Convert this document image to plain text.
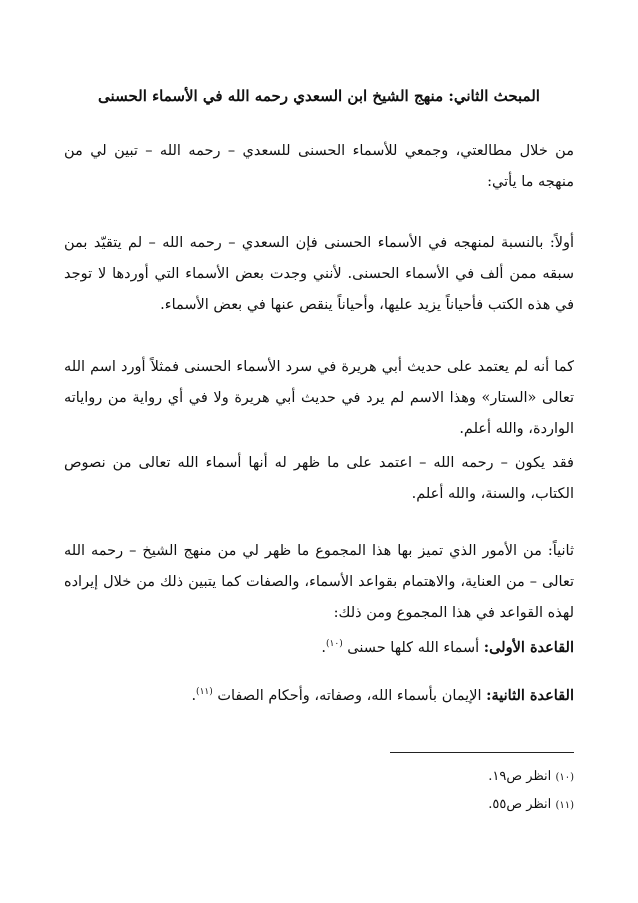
المبحث الثاني: منهج الشيخ ابن السعدي رحمه الله في الأسماء الحسنى

من خلال مطالعتي، وجمعي للأسماء الحسنى للسعدي – رحمه الله – تبين لي من منهجه ما يأتي:

أولاً: بالنسبة لمنهجه في الأسماء الحسنى فإن السعدي – رحمه الله – لم يتقيّد بمن سبقه ممن ألف في الأسماء الحسنى. لأنني وجدت بعض الأسماء التي أوردها لا توجد في هذه الكتب فأحياناً يزيد عليها، وأحياناً ينقص عنها في بعض الأسماء.

كما أنه لم يعتمد على حديث أبي هريرة في سرد الأسماء الحسنى فمثلاً أورد اسم الله تعالى «الستار» وهذا الاسم لم يرد في حديث أبي هريرة ولا في أي رواية من رواياته الواردة، والله أعلم.

فقد يكون – رحمه الله – اعتمد على ما ظهر له أنها أسماء الله تعالى من نصوص الكتاب، والسنة، والله أعلم.

ثانياً: من الأمور الذي تميز بها هذا المجموع ما ظهر لي من منهج الشيخ – رحمه الله تعالى – من العناية، والاهتمام بقواعد الأسماء، والصفات كما يتبين ذلك من خلال إيراده لهذه القواعد في هذا المجموع ومن ذلك:

القاعدة الأولى: أسماء الله كلها حسنى $^{(١٠)}$.

القاعدة الثانية: الإيمان بأسماء الله، وصفاته، وأحكام الصفات $^{(١١)}$.

(١٠) انظر ص١٩.

(١١) انظر ص٥٥.
